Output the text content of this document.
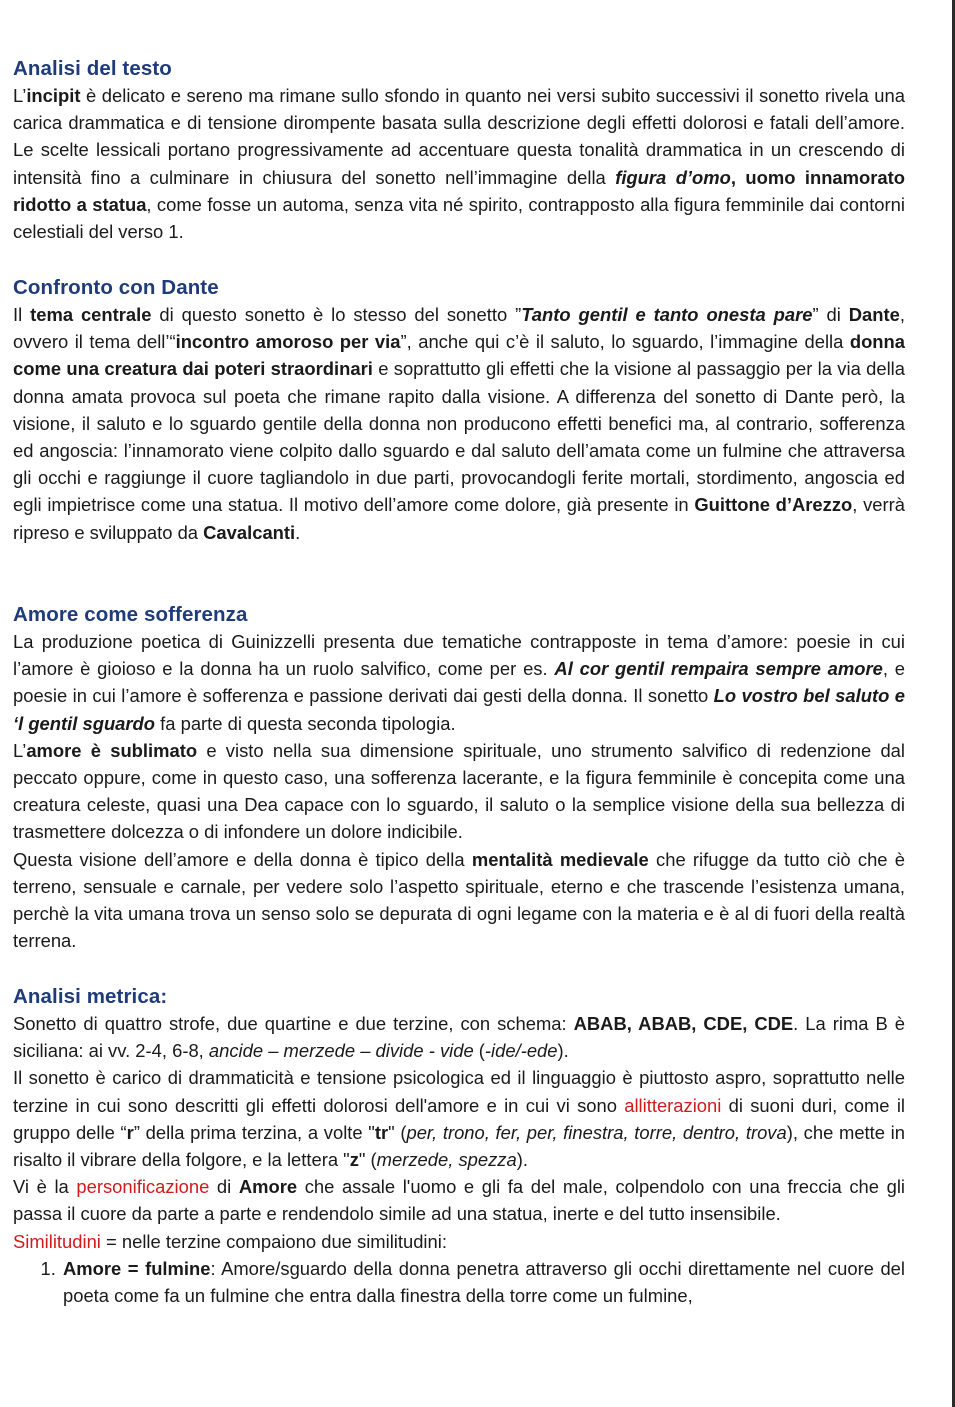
Analisi del testo

L’incipit è delicato e sereno ma rimane sullo sfondo in quanto nei versi subito successivi il sonetto rivela una carica drammatica e di tensione dirompente basata sulla descrizione degli effetti dolorosi e fatali dell’amore. Le scelte lessicali portano progressivamente ad accentuare questa tonalità drammatica in un crescendo di intensità fino a culminare in chiusura del sonetto nell’immagine della figura d’omo, uomo innamorato ridotto a statua, come fosse un automa, senza vita né spirito, contrapposto alla figura femminile dai contorni celestiali del verso 1.

Confronto con Dante

Il tema centrale di questo sonetto è lo stesso del sonetto ”Tanto gentil e tanto onesta pare” di Dante, ovvero il tema dell’“incontro amoroso per via”, anche qui c’è il saluto, lo sguardo, l’immagine della donna come una creatura dai poteri straordinari e soprattutto gli effetti che la visione al passaggio per la via della donna amata provoca sul poeta che rimane rapito dalla visione. A differenza del sonetto di Dante però, la visione, il saluto e lo sguardo gentile della donna non producono effetti benefici ma, al contrario, sofferenza ed angoscia: l’innamorato viene colpito dallo sguardo e dal saluto dell’amata come un fulmine che attraversa gli occhi e raggiunge il cuore tagliandolo in due parti, provocandogli ferite mortali, stordimento, angoscia ed egli impietrisce come una statua. Il motivo dell’amore come dolore, già presente in Guittone d’Arezzo, verrà ripreso e sviluppato da Cavalcanti.

Amore come sofferenza

La produzione poetica di Guinizzelli presenta due tematiche contrapposte in tema d’amore: poesie in cui l’amore è gioioso e la donna ha un ruolo salvifico, come per es. Al cor gentil rempaira sempre amore, e poesie in cui l’amore è sofferenza e passione derivati dai gesti della donna. Il sonetto Lo vostro bel saluto e ‘l gentil sguardo fa parte di questa seconda tipologia.

L’amore è sublimato e visto nella sua dimensione spirituale, uno strumento salvifico di redenzione dal peccato oppure, come in questo caso, una sofferenza lacerante, e la figura femminile è concepita come una creatura celeste, quasi una Dea capace con lo sguardo, il saluto o la semplice visione della sua bellezza di trasmettere dolcezza o di infondere un dolore indicibile.

Questa visione dell’amore e della donna è tipico della mentalità medievale che rifugge da tutto ciò che è terreno, sensuale e carnale, per vedere solo l’aspetto spirituale, eterno e che trascende l’esistenza umana, perchè la vita umana trova un senso solo se depurata di ogni legame con la materia e è al di fuori della realtà terrena.

Analisi metrica:

Sonetto di quattro strofe, due quartine e due terzine, con schema: ABAB, ABAB, CDE, CDE. La rima B è siciliana: ai vv. 2-4, 6-8, ancide – merzede – divide - vide (-ide/-ede).

Il sonetto è carico di drammaticità e tensione psicologica ed il linguaggio è piuttosto aspro, soprattutto nelle terzine in cui sono descritti gli effetti dolorosi dell'amore e in cui vi sono allitterazioni di suoni duri, come il gruppo delle “r” della prima terzina, a volte "tr" (per, trono, fer, per, finestra, torre, dentro, trova), che mette in risalto il vibrare della folgore, e la lettera "z" (merzede, spezza).

Vi è la personificazione di Amore che assale l'uomo e gli fa del male, colpendolo con una freccia che gli passa il cuore da parte a parte e rendendolo simile ad una statua, inerte e del tutto insensibile.

Similitudini = nelle terzine compaiono due similitudini:

1. Amore = fulmine: Amore/sguardo della donna penetra attraverso gli occhi direttamente nel cuore del poeta come fa un fulmine che entra dalla finestra della torre come un fulmine,
